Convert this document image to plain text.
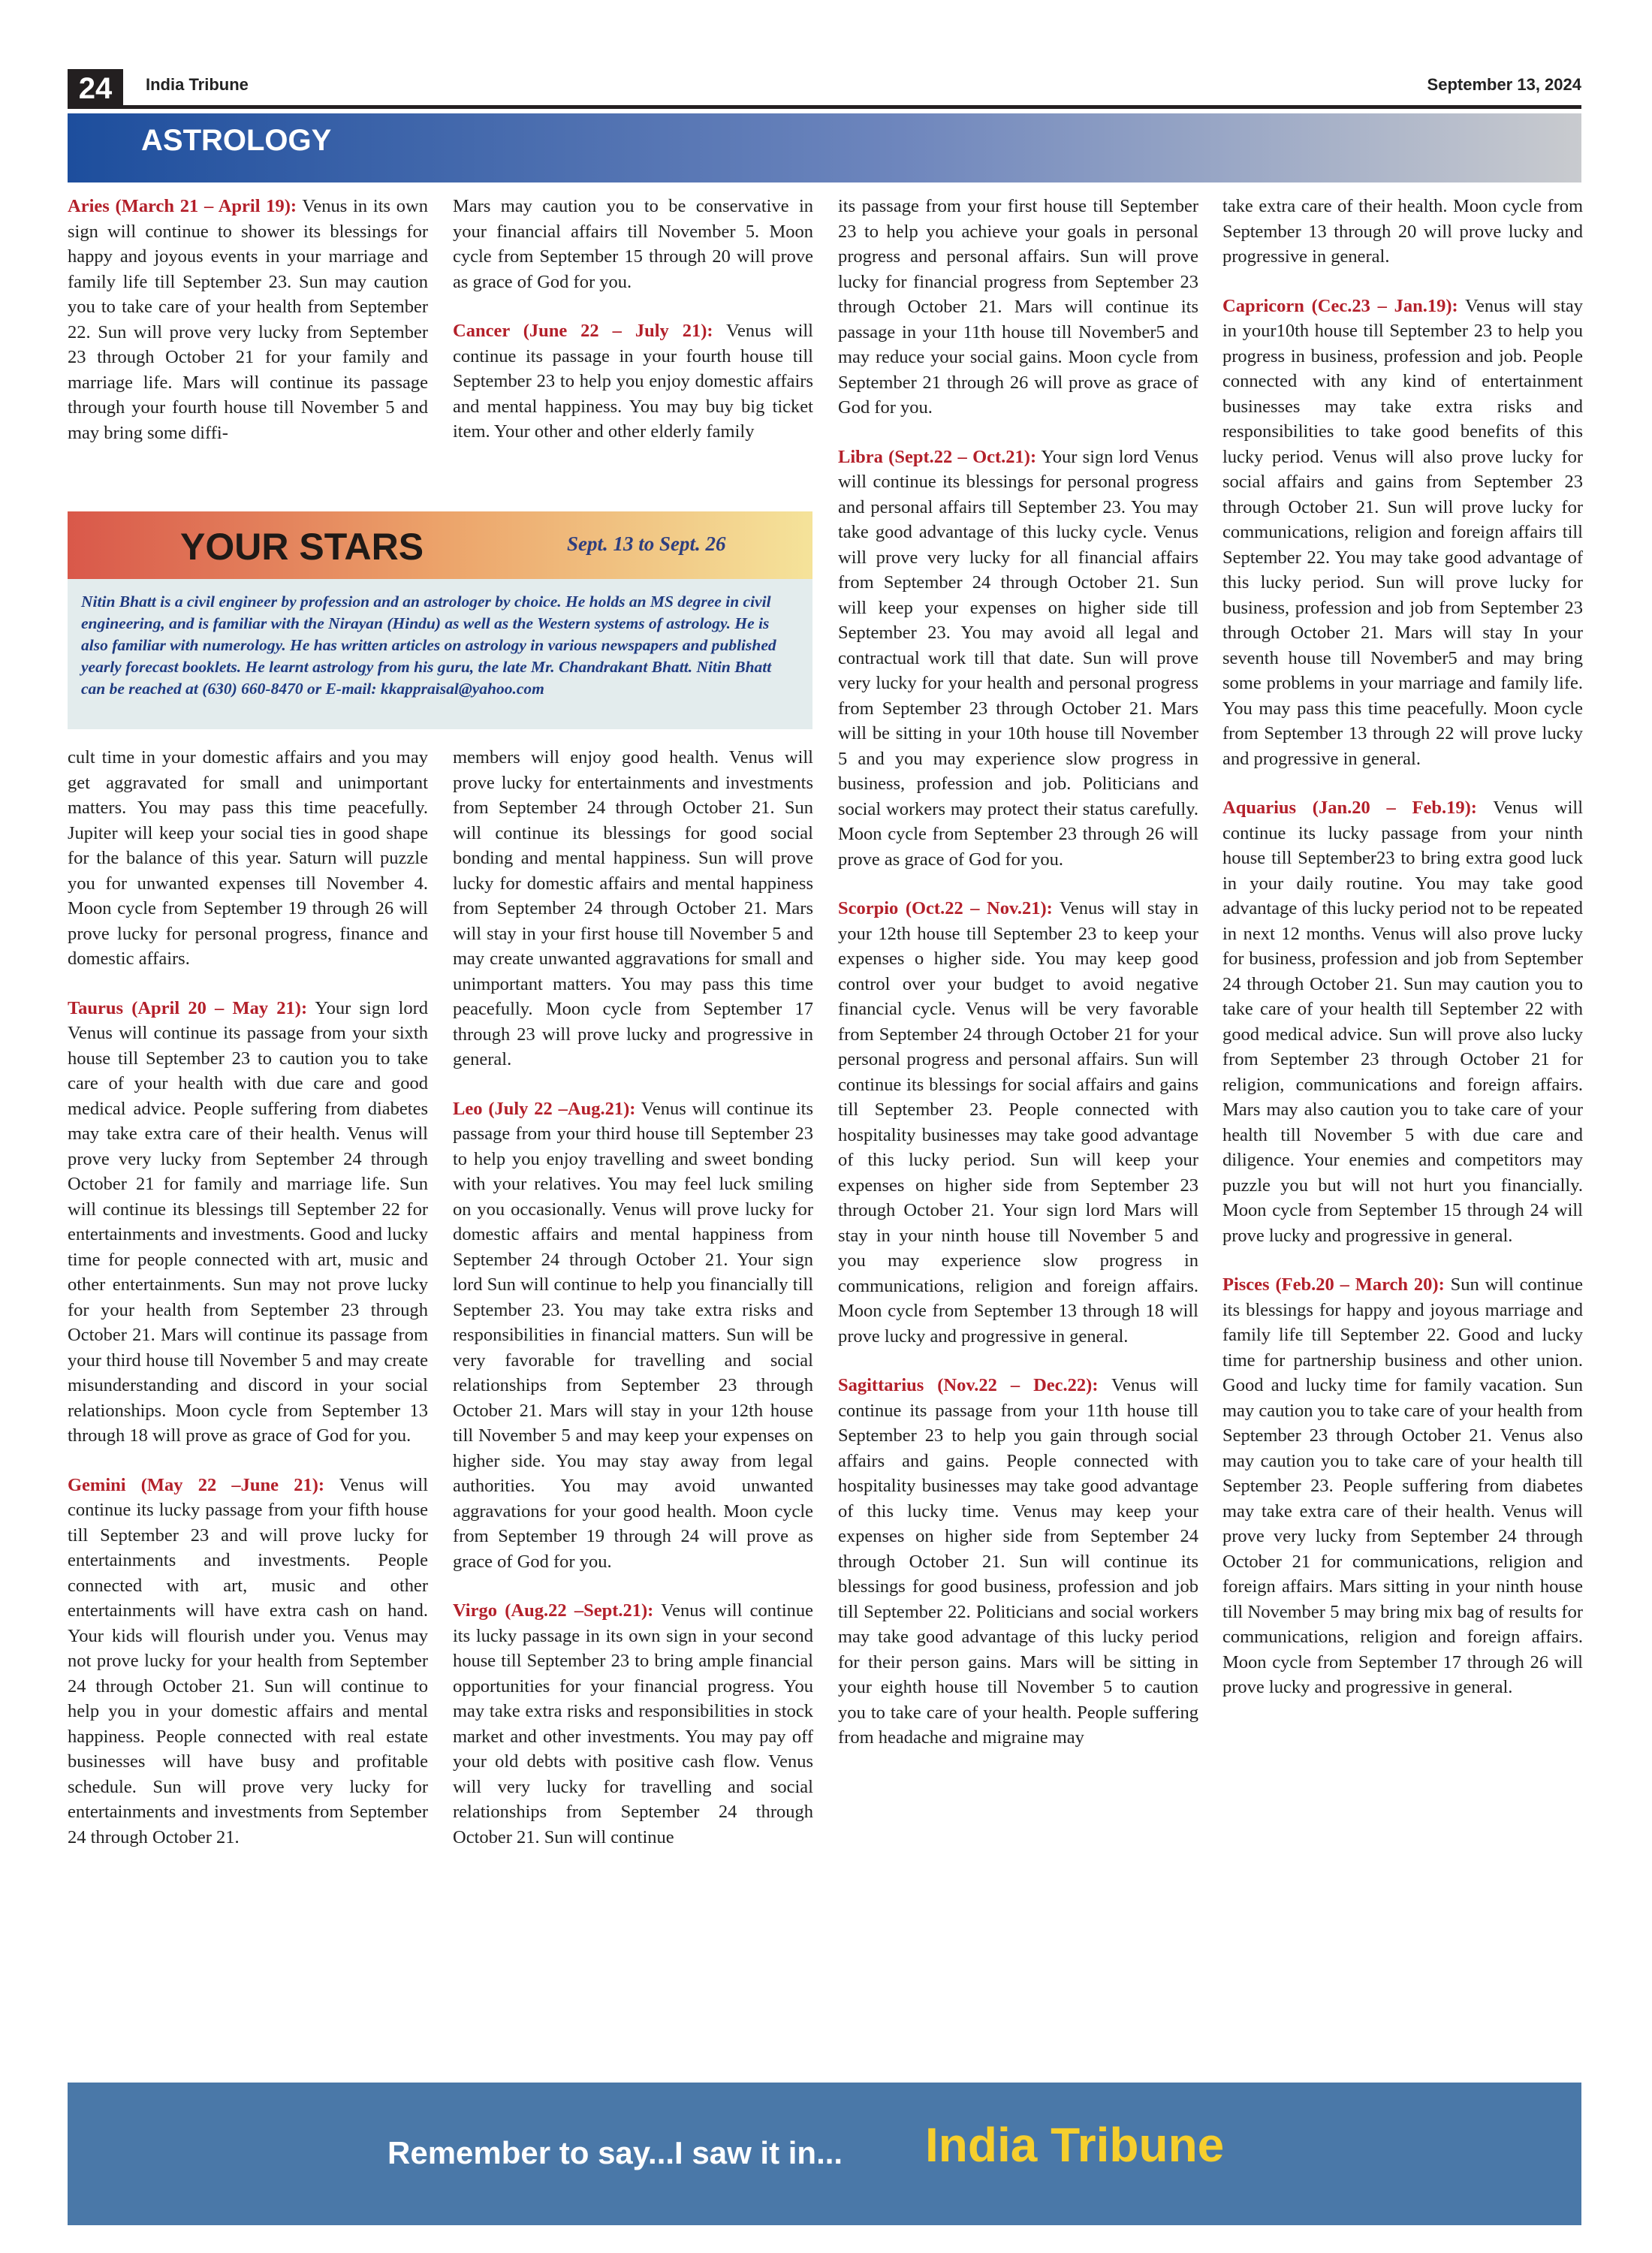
24	India Tribune	September 13, 2024
ASTROLOGY

Aries (March 21 – April 19): Venus in its own sign will continue to shower its blessings for happy and joyous events in your marriage and family life till September 23. Sun may caution you to take care of your health from September 22. Sun will prove very lucky from September 23 through October 21 for your family and marriage life. Mars will continue its passage through your fourth house till November 5 and may bring some diffi-

Mars may caution you to be conservative in your financial affairs till November 5. Moon cycle from September 15 through 20 will prove as grace of God for you.

Cancer (June 22 – July 21): Venus will continue its passage in your fourth house till September 23 to help you enjoy domestic affairs and mental happiness. You may buy big ticket item. Your other and other elderly family

YOUR STARS	Sept. 13 to Sept. 26
Nitin Bhatt is a civil engineer by profession and an astrologer by choice. He holds an MS degree in civil engineering, and is familiar with the Nirayan (Hindu) as well as the Western systems of astrology. He is also familiar with numerology. He has written articles on astrology in various newspapers and published yearly forecast booklets. He learnt astrology from his guru, the late Mr. Chandrakant Bhatt. Nitin Bhatt can be reached at (630) 660-8470 or E-mail: kkappraisal@yahoo.com

cult time in your domestic affairs and you may get aggravated for small and unimportant matters. You may pass this time peacefully. Jupiter will keep your social ties in good shape for the balance of this year. Saturn will puzzle you for unwanted expenses till November 4. Moon cycle from September 19 through 26 will prove lucky for personal progress, finance and domestic affairs.

Taurus (April 20 – May 21): Your sign lord Venus will continue its passage from your sixth house till September 23 to caution you to take care of your health with due care and good medical advice. People suffering from diabetes may take extra care of their health. Venus will prove very lucky from September 24 through October 21 for family and marriage life. Sun will continue its blessings till September 22 for entertainments and investments. Good and lucky time for people connected with art, music and other entertainments. Sun may not prove lucky for your health from September 23 through October 21. Mars will continue its passage from your third house till November 5 and may create misunderstanding and discord in your social relationships. Moon cycle from September 13 through 18 will prove as grace of God for you.

Gemini (May 22 –June 21): Venus will continue its lucky passage from your fifth house till September 23 and will prove lucky for entertainments and investments. People connected with art, music and other entertainments will have extra cash on hand. Your kids will flourish under you. Venus may not prove lucky for your health from September 24 through October 21. Sun will continue to help you in your domestic affairs and mental happiness. People connected with real estate businesses will have busy and profitable schedule. Sun will prove very lucky for entertainments and investments from September 24 through October 21.

members will enjoy good health. Venus will prove lucky for entertainments and investments from September 24 through October 21. Sun will continue its blessings for good social bonding and mental happiness. Sun will prove lucky for domestic affairs and mental happiness from September 24 through October 21. Mars will stay in your first house till November 5 and may create unwanted aggravations for small and unimportant matters. You may pass this time peacefully. Moon cycle from September 17 through 23 will prove lucky and progressive in general.

Leo (July 22 –Aug.21): Venus will continue its passage from your third house till September 23 to help you enjoy travelling and sweet bonding with your relatives. You may feel luck smiling on you occasionally. Venus will prove lucky for domestic affairs and mental happiness from September 24 through October 21. Your sign lord Sun will continue to help you financially till September 23. You may take extra risks and responsibilities in financial matters. Sun will be very favorable for travelling and social relationships from September 23 through October 21. Mars will stay in your 12th house till November 5 and may keep your expenses on higher side. You may stay away from legal authorities. You may avoid unwanted aggravations for your good health. Moon cycle from September 19 through 24 will prove as grace of God for you.

Virgo (Aug.22 –Sept.21): Venus will continue its lucky passage in its own sign in your second house till September 23 to bring ample financial opportunities for your financial progress. You may take extra risks and responsibilities in stock market and other investments. You may pay off your old debts with positive cash flow. Venus will very lucky for travelling and social relationships from September 24 through October 21. Sun will continue

its passage from your first house till September 23 to help you achieve your goals in personal progress and personal affairs. Sun will prove lucky for financial progress from September 23 through October 21. Mars will continue its passage in your 11th house till November5 and may reduce your social gains. Moon cycle from September 21 through 26 will prove as grace of God for you.

Libra (Sept.22 – Oct.21): Your sign lord Venus will continue its blessings for personal progress and personal affairs till September 23. You may take good advantage of this lucky cycle. Venus will prove very lucky for all financial affairs from September 24 through October 21. Sun will keep your expenses on higher side till September 23. You may avoid all legal and contractual work till that date. Sun will prove very lucky for your health and personal progress from September 23 through October 21. Mars will be sitting in your 10th house till November 5 and you may experience slow progress in business, profession and job. Politicians and social workers may protect their status carefully. Moon cycle from September 23 through 26 will prove as grace of God for you.

Scorpio (Oct.22 – Nov.21): Venus will stay in your 12th house till September 23 to keep your expenses o higher side. You may keep good control over your budget to avoid negative financial cycle. Venus will be very favorable from September 24 through October 21 for your personal progress and personal affairs. Sun will continue its blessings for social affairs and gains till September 23. People connected with hospitality businesses may take good advantage of this lucky period. Sun will keep your expenses on higher side from September 23 through October 21. Your sign lord Mars will stay in your ninth house till November 5 and you may experience slow progress in communications, religion and foreign affairs. Moon cycle from September 13 through 18 will prove lucky and progressive in general.

Sagittarius (Nov.22 – Dec.22): Venus will continue its passage from your 11th house till September 23 to help you gain through social affairs and gains. People connected with hospitality businesses may take good advantage of this lucky time. Venus may keep your expenses on higher side from September 24 through October 21. Sun will continue its blessings for good business, profession and job till September 22. Politicians and social workers may take good advantage of this lucky period for their person gains. Mars will be sitting in your eighth house till November 5 to caution you to take care of your health. People suffering from headache and migraine may

take extra care of their health. Moon cycle from September 13 through 20 will prove lucky and progressive in general.

Capricorn (Cec.23 – Jan.19): Venus will stay in your10th house till September 23 to help you progress in business, profession and job. People connected with any kind of entertainment businesses may take extra risks and responsibilities to take good benefits of this lucky period. Venus will also prove lucky for social affairs and gains from September 23 through October 21. Sun will prove lucky for communications, religion and foreign affairs till September 22. You may take good advantage of this lucky period. Sun will prove lucky for business, profession and job from September 23 through October 21. Mars will stay In your seventh house till November5 and may bring some problems in your marriage and family life. You may pass this time peacefully. Moon cycle from September 13 through 22 will prove lucky and progressive in general.

Aquarius (Jan.20 – Feb.19): Venus will continue its lucky passage from your ninth house till September23 to bring extra good luck in your daily routine. You may take good advantage of this lucky period not to be repeated in next 12 months. Venus will also prove lucky for business, profession and job from September 24 through October 21. Sun may caution you to take care of your health till September 22 with good medical advice. Sun will prove also lucky from September 23 through October 21 for religion, communications and foreign affairs. Mars may also caution you to take care of your health till November 5 with due care and diligence. Your enemies and competitors may puzzle you but will not hurt you financially. Moon cycle from September 15 through 24 will prove lucky and progressive in general.

Pisces (Feb.20 – March 20): Sun will continue its blessings for happy and joyous marriage and family life till September 22. Good and lucky time for partnership business and other union. Good and lucky time for family vacation. Sun may caution you to take care of your health from September 23 through October 21. Venus also may caution you to take care of your health till September 23. People suffering from diabetes may take extra care of their health. Venus will prove very lucky from September 24 through October 21 for communications, religion and foreign affairs. Mars sitting in your ninth house till November 5 may bring mix bag of results for communications, religion and foreign affairs. Moon cycle from September 17 through 26 will prove lucky and progressive in general.

Remember to say...I saw it in... India Tribune
